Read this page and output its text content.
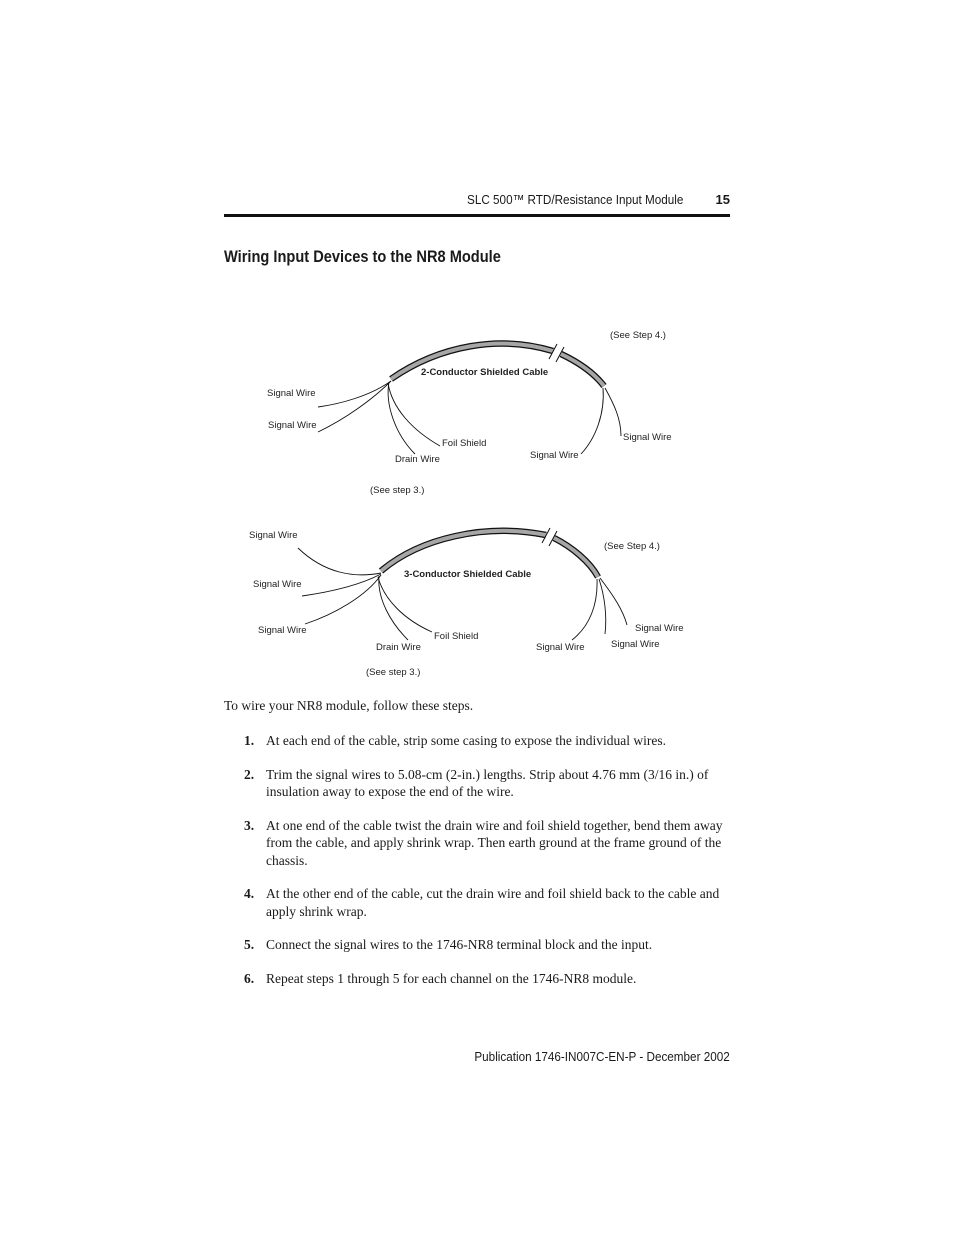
SLC 500™ RTD/Resistance Input Module	15
Wiring Input Devices to the NR8 Module
2-Conductor Shielded Cable
(See Step 4.)
Signal Wire
Signal Wire
Foil Shield
Drain Wire	Signal Wire
Signal Wire
(See step 3.)
3-Conductor Shielded Cable
(See Step 4.)
Signal Wire
Signal Wire
Signal Wire
Foil Shield
Drain Wire	Signal Wire
Signal Wire
Signal Wire
(See step 3.)
To wire your NR8 module, follow these steps.
1. At each end of the cable, strip some casing to expose the individual wires.
2. Trim the signal wires to 5.08-cm (2-in.) lengths. Strip about 4.76 mm (3/16 in.) of insulation away to expose the end of the wire.
3. At one end of the cable twist the drain wire and foil shield together, bend them away from the cable, and apply shrink wrap. Then earth ground at the frame ground of the chassis.
4. At the other end of the cable, cut the drain wire and foil shield back to the cable and apply shrink wrap.
5. Connect the signal wires to the 1746-NR8 terminal block and the input.
6. Repeat steps 1 through 5 for each channel on the 1746-NR8 module.
Publication 1746-IN007C-EN-P - December 2002
